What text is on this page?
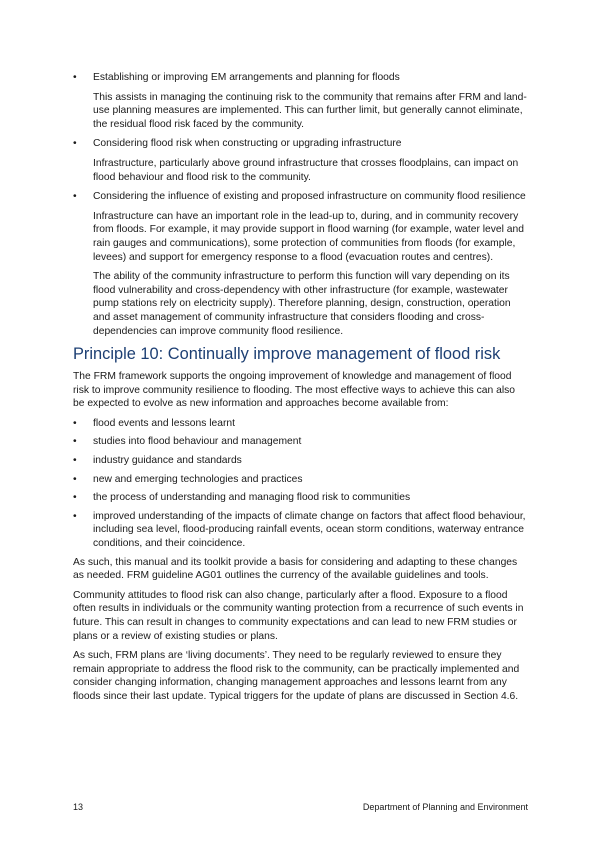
• Establishing or improving EM arrangements and planning for floods

This assists in managing the continuing risk to the community that remains after FRM and land-use planning measures are implemented. This can further limit, but generally cannot eliminate, the residual flood risk faced by the community.

• Considering flood risk when constructing or upgrading infrastructure

Infrastructure, particularly above ground infrastructure that crosses floodplains, can impact on flood behaviour and flood risk to the community.

• Considering the influence of existing and proposed infrastructure on community flood resilience

Infrastructure can have an important role in the lead-up to, during, and in community recovery from floods. For example, it may provide support in flood warning (for example, water level and rain gauges and communications), some protection of communities from floods (for example, levees) and support for emergency response to a flood (evacuation routes and centres).

The ability of the community infrastructure to perform this function will vary depending on its flood vulnerability and cross-dependency with other infrastructure (for example, wastewater pump stations rely on electricity supply). Therefore planning, design, construction, operation and asset management of community infrastructure that considers flooding and cross-dependencies can improve community flood resilience.

Principle 10: Continually improve management of flood risk

The FRM framework supports the ongoing improvement of knowledge and management of flood risk to improve community resilience to flooding. The most effective ways to achieve this can also be expected to evolve as new information and approaches become available from:

• flood events and lessons learnt
• studies into flood behaviour and management
• industry guidance and standards
• new and emerging technologies and practices
• the process of understanding and managing flood risk to communities
• improved understanding of the impacts of climate change on factors that affect flood behaviour, including sea level, flood-producing rainfall events, ocean storm conditions, waterway entrance conditions, and their coincidence.

As such, this manual and its toolkit provide a basis for considering and adapting to these changes as needed. FRM guideline AG01 outlines the currency of the available guidelines and tools.

Community attitudes to flood risk can also change, particularly after a flood. Exposure to a flood often results in individuals or the community wanting protection from a recurrence of such events in future. This can result in changes to community expectations and can lead to new FRM studies or plans or a review of existing studies or plans.

As such, FRM plans are ‘living documents’. They need to be regularly reviewed to ensure they remain appropriate to address the flood risk to the community, can be practically implemented and consider changing information, changing management approaches and lessons learnt from any floods since their last update. Typical triggers for the update of plans are discussed in Section 4.6.

13	Department of Planning and Environment
